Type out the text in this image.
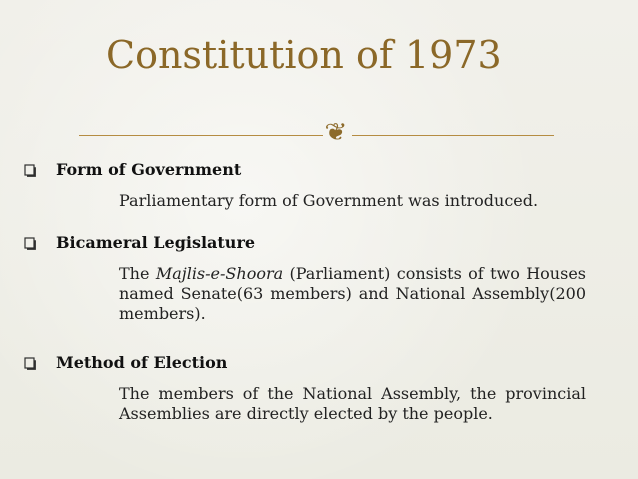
Constitution of 1973
❦
Form of Government

Parliamentary form of Government was introduced.

Bicameral Legislature

The Majlis-e-Shoora (Parliament) consists of two Houses named Senate(63 members) and National Assembly(200 members).

Method of Election

The members of the National Assembly, the provincial Assemblies are directly elected by the people.
